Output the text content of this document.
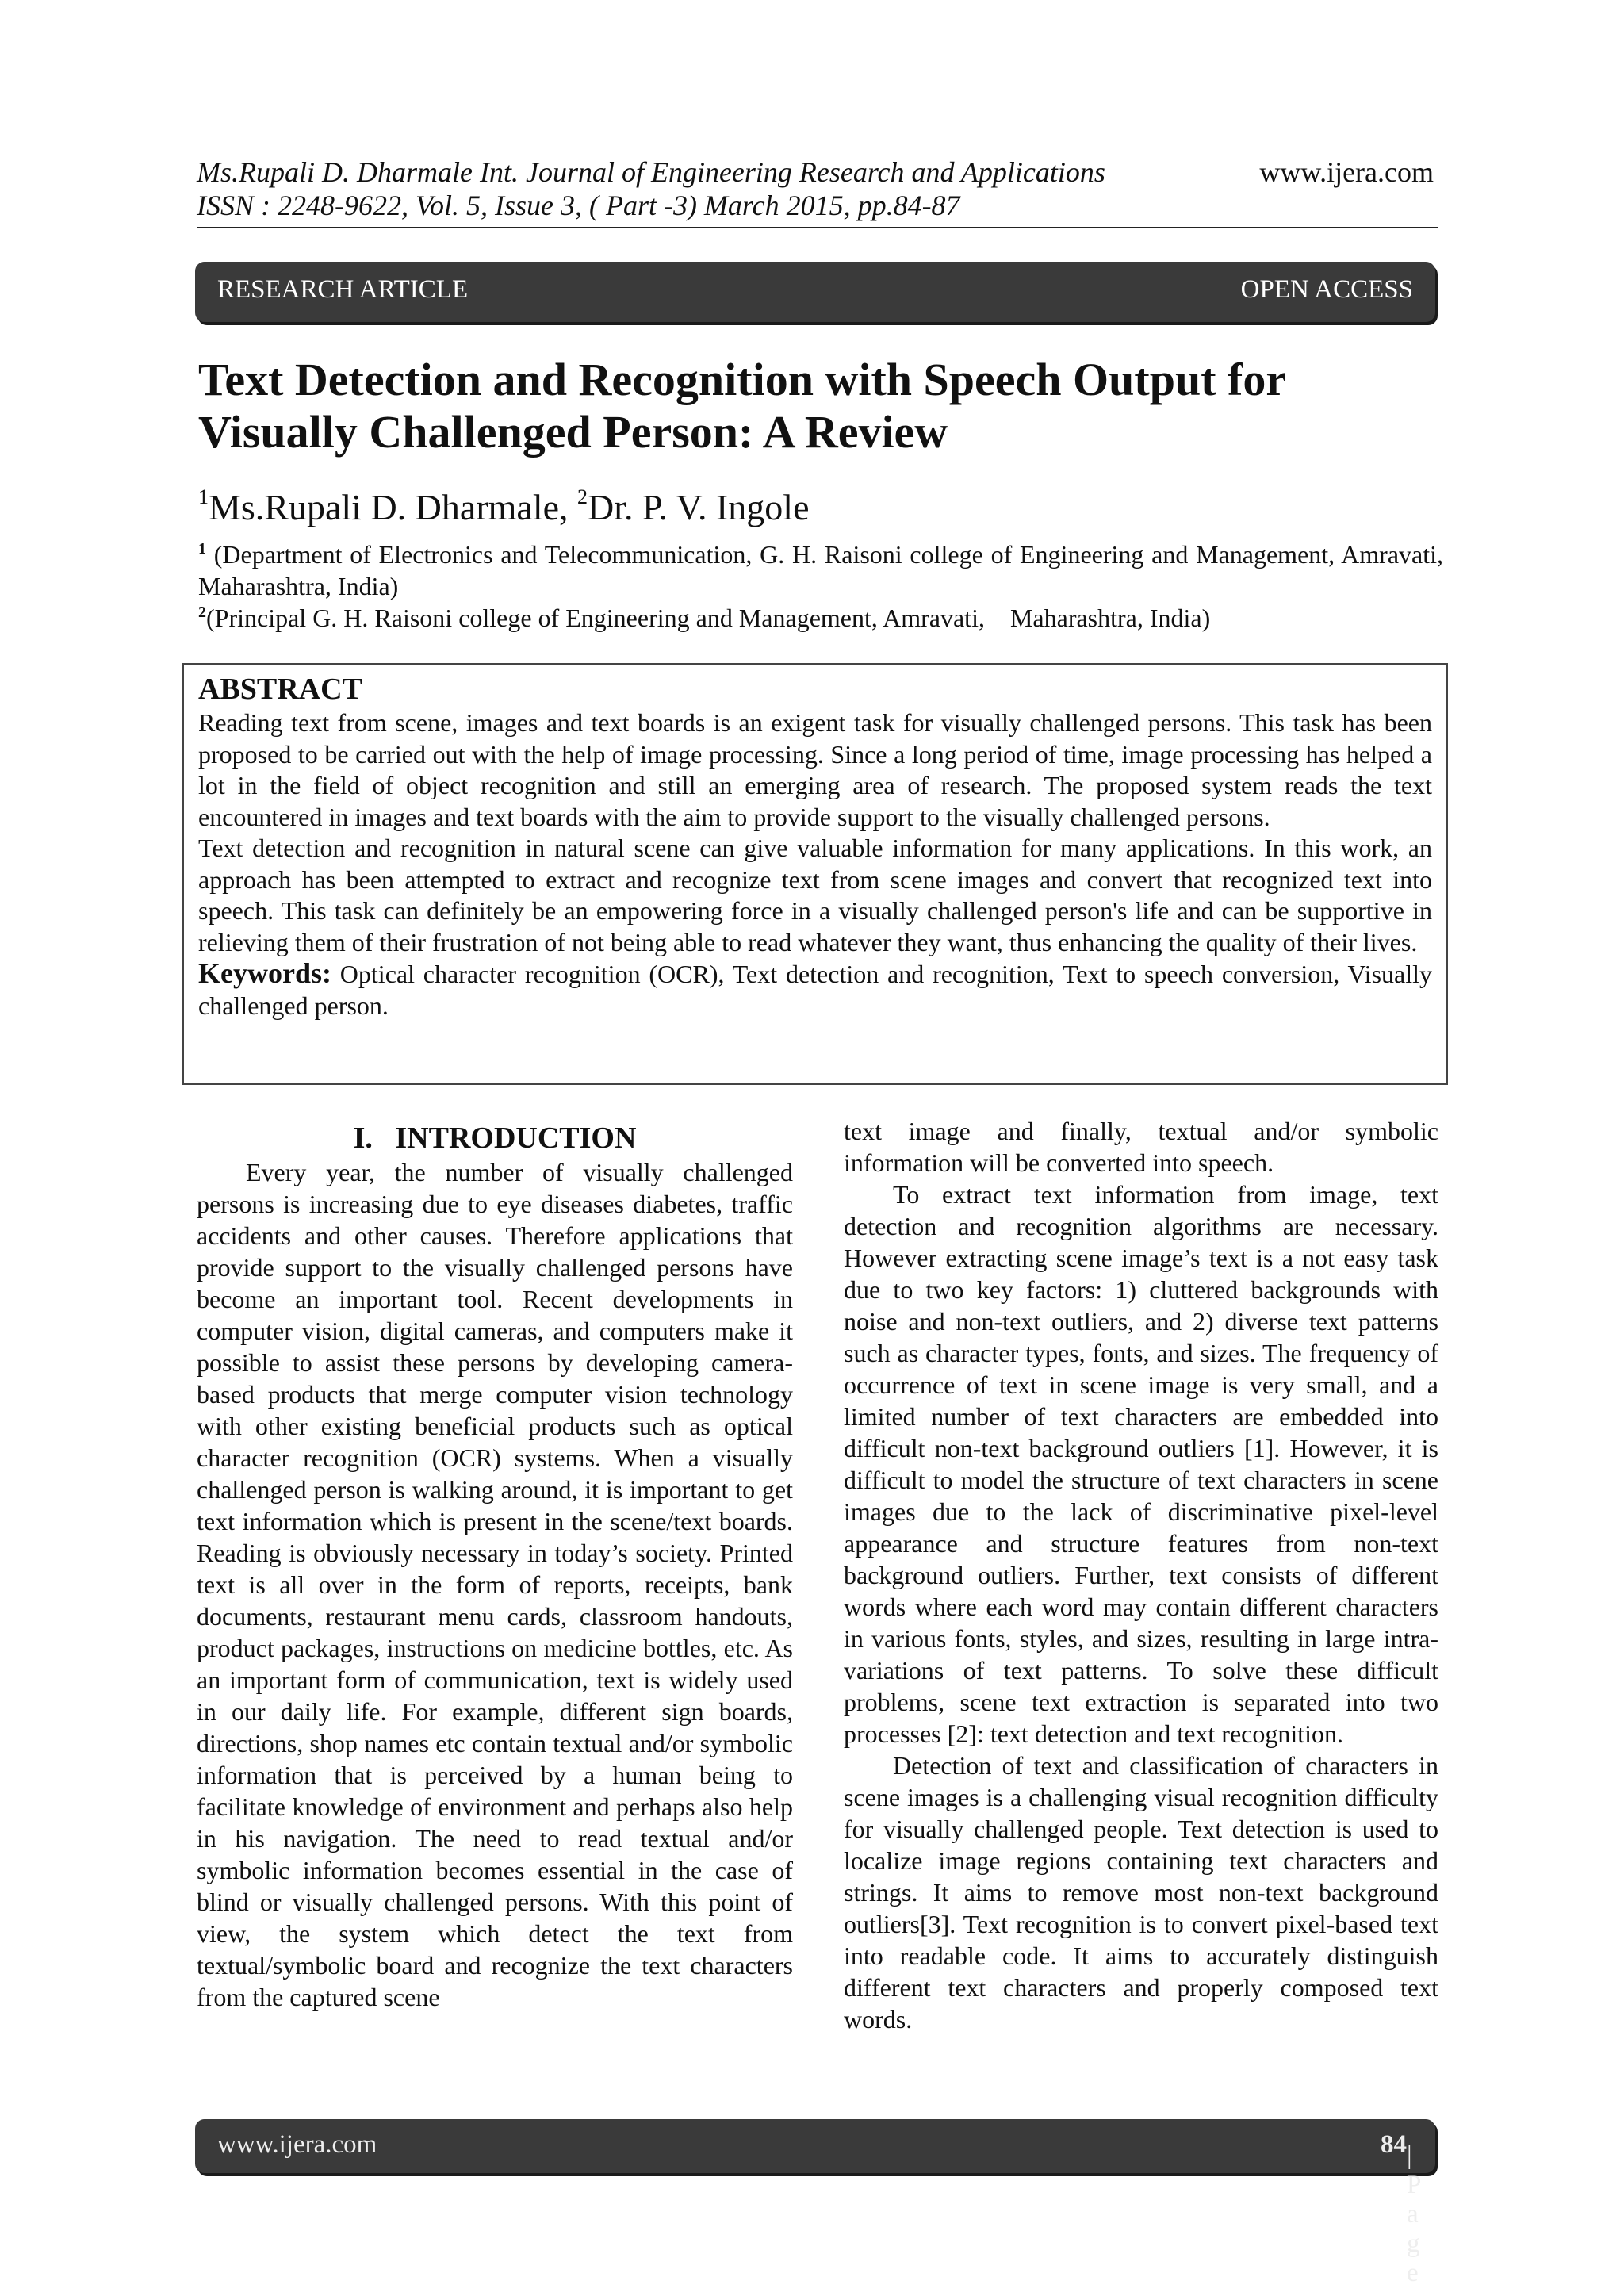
Ms.Rupali D. Dharmale Int. Journal of Engineering Research and Applications	www.ijera.com
ISSN : 2248-9622, Vol. 5, Issue 3, ( Part -3) March 2015, pp.84-87
RESEARCH ARTICLE	OPEN ACCESS
Text Detection and Recognition with Speech Output for Visually Challenged Person: A Review
$^1$Ms.Rupali D. Dharmale, $^2$Dr. P. V. Ingole
$^1$ (Department of Electronics and Telecommunication, G. H. Raisoni college of Engineering and Management, Amravati, Maharashtra, India)
$^2$(Principal G. H. Raisoni college of Engineering and Management, Amravati,    Maharashtra, India)
ABSTRACT

Reading text from scene, images and text boards is an exigent task for visually challenged persons. This task has been proposed to be carried out with the help of image processing. Since a long period of time, image processing has helped a lot in the field of object recognition and still an emerging area of research. The proposed system reads the text encountered in images and text boards with the aim to provide support to the visually challenged persons.

Text detection and recognition in natural scene can give valuable information for many applications. In this work, an approach has been attempted to extract and recognize text from scene images and convert that recognized text into speech. This task can definitely be an empowering force in a visually challenged person's life and can be supportive in relieving them of their frustration of not being able to read whatever they want, thus enhancing the quality of their lives.

Keywords: Optical character recognition (OCR), Text detection and recognition, Text to speech conversion, Visually challenged person.

I.   INTRODUCTION

Every year, the number of visually challenged persons is increasing due to eye diseases diabetes, traffic accidents and other causes. Therefore applications that provide support to the visually challenged persons have become an important tool. Recent developments in computer vision, digital cameras, and computers make it possible to assist these persons by developing camera-based products that merge computer vision technology with other existing beneficial products such as optical character recognition (OCR) systems. When a visually challenged person is walking around, it is important to get text information which is present in the scene/text boards. Reading is obviously necessary in today’s society. Printed text is all over in the form of reports, receipts, bank documents, restaurant menu cards, classroom handouts, product packages, instructions on medicine bottles, etc. As an important form of communication, text is widely used in our daily life. For example, different sign boards, directions, shop names etc contain textual and/or symbolic information that is perceived by a human being to facilitate knowledge of environment and perhaps also help in his navigation. The need to read textual and/or symbolic information becomes essential in the case of blind or visually challenged persons. With this point of view, the system which detect the text from textual/symbolic board and recognize the text characters from the captured scene

text image and finally, textual and/or symbolic information will be converted into speech.

To extract text information from image, text detection and recognition algorithms are necessary. However extracting scene image’s text is a not easy task due to two key factors: 1) cluttered backgrounds with noise and non-text outliers, and 2) diverse text patterns such as character types, fonts, and sizes. The frequency of occurrence of text in scene image is very small, and a limited number of text characters are embedded into difficult non-text background outliers [1]. However, it is difficult to model the structure of text characters in scene images due to the lack of discriminative pixel-level appearance and structure features from non-text background outliers. Further, text consists of different words where each word may contain different characters in various fonts, styles, and sizes, resulting in large intra-variations of text patterns. To solve these difficult problems, scene text extraction is separated into two processes [2]: text detection and text recognition.

Detection of text and classification of characters in scene images is a challenging visual recognition difficulty for visually challenged people. Text detection is used to localize image regions containing text characters and strings. It aims to remove most non-text background outliers[3]. Text recognition is to convert pixel-based text into readable code. It aims to accurately distinguish different text characters and properly composed text words.

www.ijera.com	84 | P a g e
